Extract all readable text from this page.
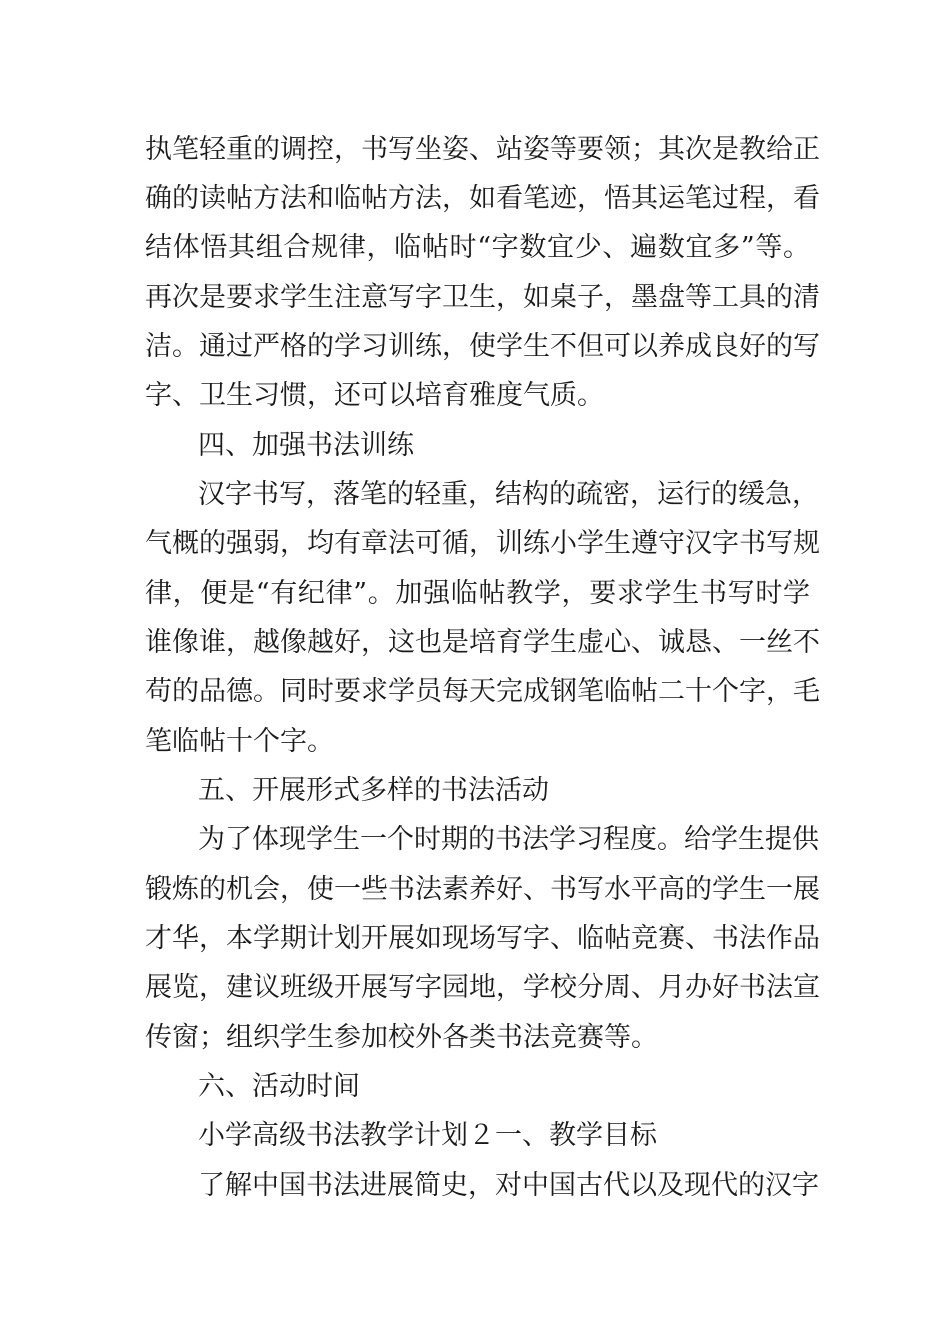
执笔轻重的调控，书写坐姿、站姿等要领；其次是教给正
确的读帖方法和临帖方法，如看笔迹，悟其运笔过程，看
结体悟其组合规律，临帖时“字数宜少、遍数宜多”等。
再次是要求学生注意写字卫生，如桌子，墨盘等工具的清
洁。通过严格的学习训练，使学生不但可以养成良好的写
字、卫生习惯，还可以培育雅度气质。
四、加强书法训练
汉字书写，落笔的轻重，结构的疏密，运行的缓急，
气概的强弱，均有章法可循，训练小学生遵守汉字书写规
律，便是“有纪律”。加强临帖教学，要求学生书写时学
谁像谁，越像越好，这也是培育学生虚心、诚恳、一丝不
苟的品德。同时要求学员每天完成钢笔临帖二十个字，毛
笔临帖十个字。
五、开展形式多样的书法活动
为了体现学生一个时期的书法学习程度。给学生提供
锻炼的机会，使一些书法素养好、书写水平高的学生一展
才华，本学期计划开展如现场写字、临帖竞赛、书法作品
展览，建议班级开展写字园地，学校分周、月办好书法宣
传窗；组织学生参加校外各类书法竞赛等。
六、活动时间
小学高级书法教学计划２一、教学目标
了解中国书法进展简史，对中国古代以及现代的汉字
